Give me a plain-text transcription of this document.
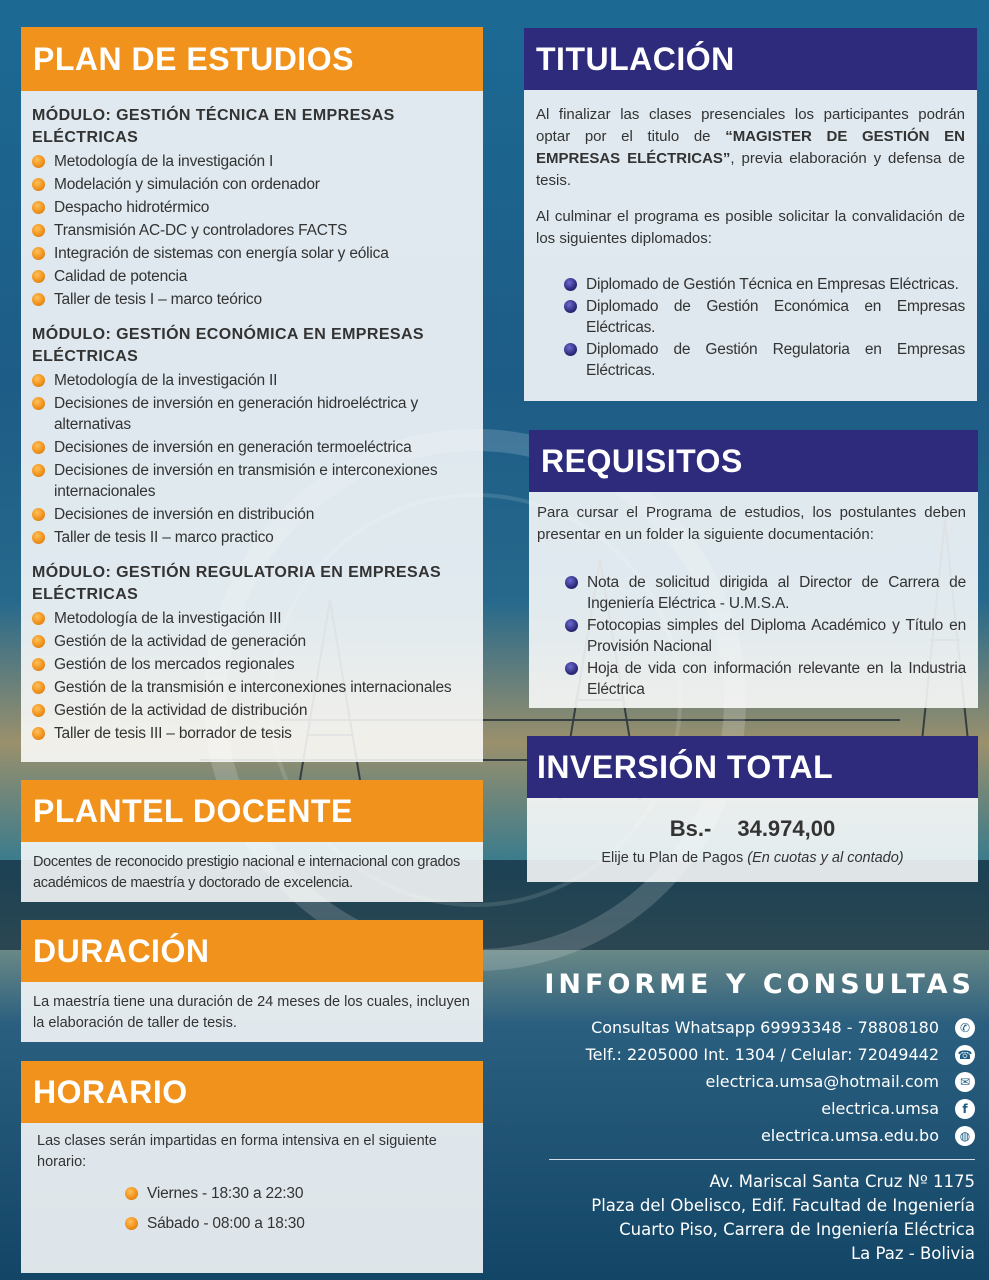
PLAN DE ESTUDIOS
MÓDULO: GESTIÓN TÉCNICA EN EMPRESAS ELÉCTRICAS
Metodología de la investigación I
Modelación y simulación con ordenador
Despacho hidrotérmico
Transmisión AC-DC y controladores FACTS
Integración de sistemas con energía solar y eólica
Calidad de potencia
Taller de tesis I – marco teórico
MÓDULO: GESTIÓN ECONÓMICA EN EMPRESAS ELÉCTRICAS
Metodología de la investigación II
Decisiones de inversión en generación hidroeléctrica y alternativas
Decisiones de inversión en generación termoeléctrica
Decisiones de inversión en transmisión e interconexiones internacionales
Decisiones de inversión en distribución
Taller de tesis II – marco practico
MÓDULO: GESTIÓN REGULATORIA EN EMPRESAS ELÉCTRICAS
Metodología de la investigación III
Gestión de la actividad de generación
Gestión de los mercados regionales
Gestión de la transmisión e interconexiones internacionales
Gestión de la actividad de distribución
Taller de tesis III – borrador de tesis
PLANTEL DOCENTE
Docentes de reconocido prestigio nacional e internacional con grados académicos de maestría y doctorado de excelencia.
DURACIÓN
La maestría tiene una duración de 24 meses de los cuales, incluyen la elaboración de taller de tesis.
HORARIO
Las clases serán impartidas en forma intensiva en el siguiente horario:
Viernes - 18:30 a 22:30
Sábado - 08:00 a 18:30
TITULACIÓN
Al finalizar las clases presenciales los participantes podrán optar por el titulo de “MAGISTER DE GESTIÓN EN EMPRESAS ELÉCTRICAS”, previa elaboración y defensa de tesis.
Al culminar el programa es posible solicitar la convalidación de los siguientes diplomados:
Diplomado de Gestión Técnica en Empresas Eléctricas.
Diplomado de Gestión Económica en Empresas Eléctricas.
Diplomado de Gestión Regulatoria en Empresas Eléctricas.
REQUISITOS
Para cursar el Programa de estudios, los postulantes deben presentar en un folder la siguiente documentación:
Nota de solicitud dirigida al Director de Carrera de Ingeniería Eléctrica - U.M.S.A.
Fotocopias simples del Diploma Académico y Título en Provisión Nacional
Hoja de vida con información relevante en la Industria Eléctrica
INVERSIÓN TOTAL
Bs.- 34.974,00
Elije tu Plan de Pagos (En cuotas y al contado)
INFORME Y CONSULTAS
Consultas Whatsapp 69993348 - 78808180	✆
Telf.: 2205000 Int. 1304 / Celular: 72049442 ☎
electrica.umsa@hotmail.com	✉
electrica.umsa	f
electrica.umsa.edu.bo	◍
Av. Mariscal Santa Cruz Nº 1175
Plaza del Obelisco, Edif. Facultad de Ingeniería
Cuarto Piso, Carrera de Ingeniería Eléctrica
La Paz - Bolivia
